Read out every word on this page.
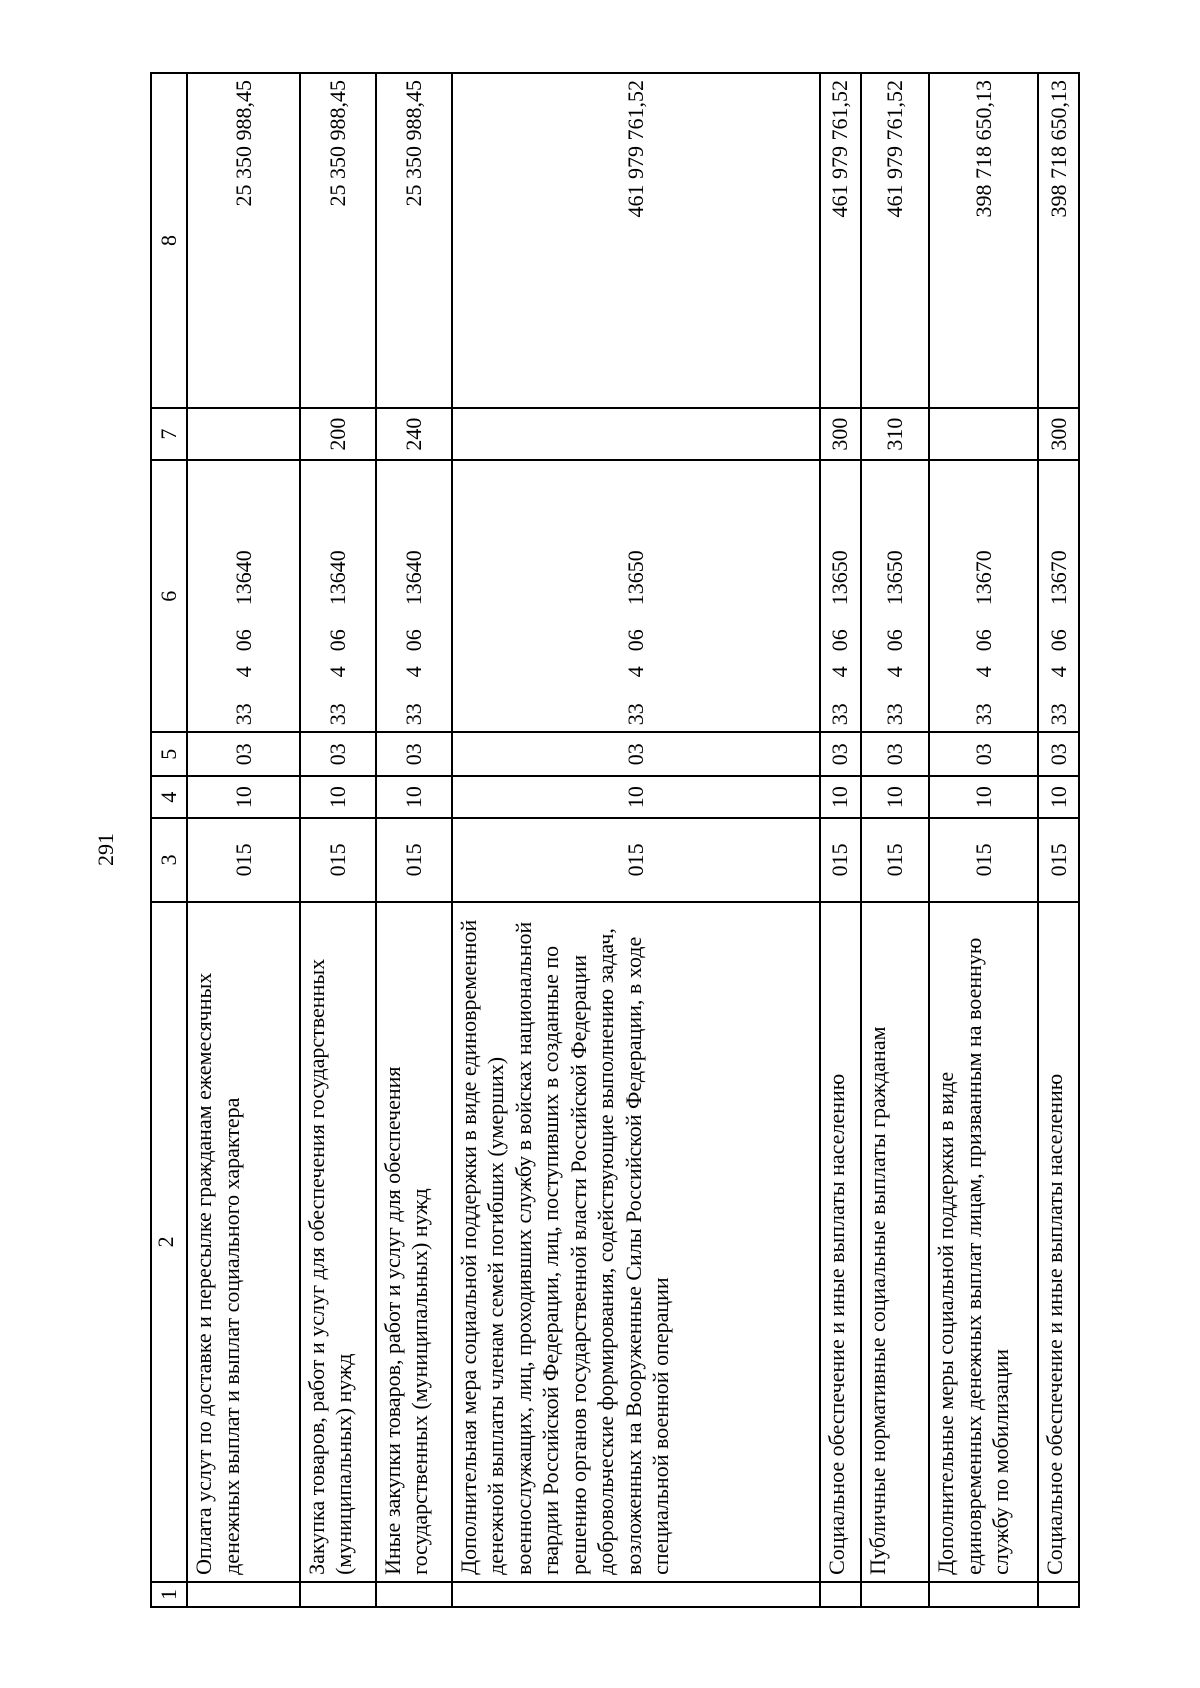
291
1	2	3	4	5	6	7	8
	Оплата услут по доставке и пересылке гражданам ежемесячных денежных выплат и выплат социального характера	015	10	03	3340613640		25 350 988,45
	Закупка товаров, работ и услуг для обеспечения государственных (муниципальных) нужд	015	10	03	3340613640	200	25 350 988,45
	Иные закупки товаров, работ и услуг для обеспечения государственных (муниципальных) нужд	015	10	03	3340613640	240	25 350 988,45
	Дополнительная мера социальной поддержки в виде единовременной денежной выплаты членам семей погибших (умерших) военнослужащих, лиц, проходивших службу в войсках национальной гвардии Российской Федерации, лиц, поступивших в созданные по решению органов государственной власти Российской Федерации добровольческие формирования, содействующие выполнению задач, возложенных на Вооруженные Силы Российской Федерации, в ходе специальной военной операции	015	10	03	3340613650		461 979 761,52
	Социальное обеспечение и иные выплаты населению	015	10	03	3340613650	300	461 979 761,52
	Публичные нормативные социальные выплаты гражданам	015	10	03	3340613650	310	461 979 761,52
	Дополнительные меры социальной поддержки в виде единовременных денежных выплат лицам, призванным на военную службу по мобилизации	015	10	03	3340613670		398 718 650,13
	Социальное обеспечение и иные выплаты населению	015	10	03	3340613670	300	398 718 650,13
